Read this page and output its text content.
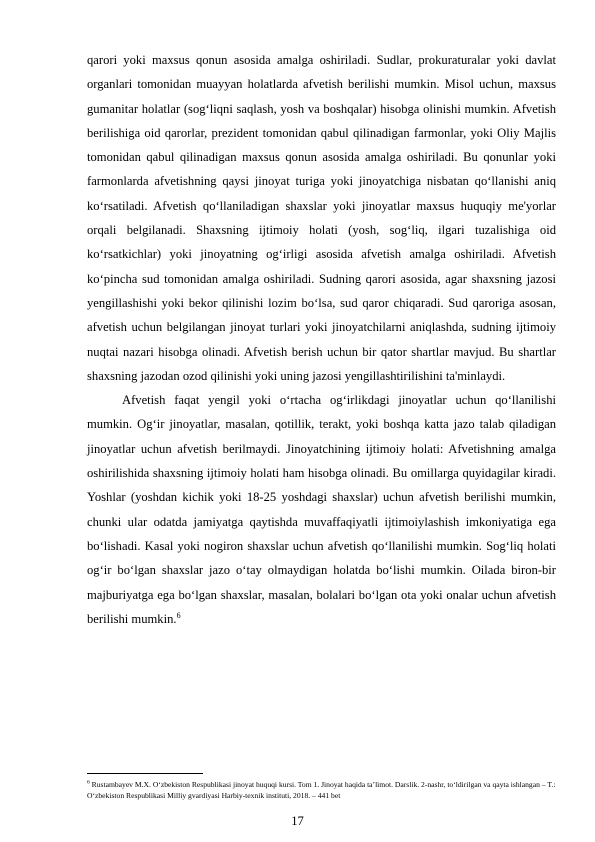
qarori yoki maxsus qonun asosida amalga oshiriladi. Sudlar, prokuraturalar yoki davlat organlari tomonidan muayyan holatlarda afvetish berilishi mumkin. Misol uchun, maxsus gumanitar holatlar (sog‘liqni saqlash, yosh va boshqalar) hisobga olinishi mumkin. Afvetish berilishiga oid qarorlar, prezident tomonidan qabul qilinadigan farmonlar, yoki Oliy Majlis tomonidan qabul qilinadigan maxsus qonun asosida amalga oshiriladi. Bu qonunlar yoki farmonlarda afvetishning qaysi jinoyat turiga yoki jinoyatchiga nisbatan qo‘llanishi aniq ko‘rsatiladi. Afvetish qo‘llaniladigan shaxslar yoki jinoyatlar maxsus huquqiy me'yorlar orqali belgilanadi. Shaxsning ijtimoiy holati (yosh, sog‘liq, ilgari tuzalishiga oid ko‘rsatkichlar) yoki jinoyatning og‘irligi asosida afvetish amalga oshiriladi. Afvetish ko‘pincha sud tomonidan amalga oshiriladi. Sudning qarori asosida, agar shaxsning jazosi yengillashishi yoki bekor qilinishi lozim bo‘lsa, sud qaror chiqaradi. Sud qaroriga asosan, afvetish uchun belgilangan jinoyat turlari yoki jinoyatchilarni aniqlashda, sudning ijtimoiy nuqtai nazari hisobga olinadi. Afvetish berish uchun bir qator shartlar mavjud. Bu shartlar shaxsning jazodan ozod qilinishi yoki uning jazosi yengillashtirilishini ta'minlaydi.

Afvetish faqat yengil yoki o‘rtacha og‘irlikdagi jinoyatlar uchun qo‘llanilishi mumkin. Og‘ir jinoyatlar, masalan, qotillik, terakt, yoki boshqa katta jazo talab qiladigan jinoyatlar uchun afvetish berilmaydi. Jinoyatchining ijtimoiy holati: Afvetishning amalga oshirilishida shaxsning ijtimoiy holati ham hisobga olinadi. Bu omillarga quyidagilar kiradi. Yoshlar (yoshdan kichik yoki 18-25 yoshdagi shaxslar) uchun afvetish berilishi mumkin, chunki ular odatda jamiyatga qaytishda muvaffaqiyatli ijtimoiylashish imkoniyatiga ega bo‘lishadi. Kasal yoki nogiron shaxslar uchun afvetish qo‘llanilishi mumkin. Sog‘liq holati og‘ir bo‘lgan shaxslar jazo o‘tay olmaydigan holatda bo‘lishi mumkin. Oilada biron-bir majburiyatga ega bo‘lgan shaxslar, masalan, bolalari bo‘lgan ota yoki onalar uchun afvetish berilishi mumkin.$^6$

$^6$ Rustambayev M.X. O‘zbekiston Respublikasi jinoyat huquqi kursi. Tom 1. Jinoyat haqida ta’limot. Darslik. 2-nashr, to‘ldirilgan va qayta ishlangan – T.: O‘zbekiston Respublikasi Milliy gvardiyasi Harbiy-texnik instituti, 2018. – 441 bet

17
